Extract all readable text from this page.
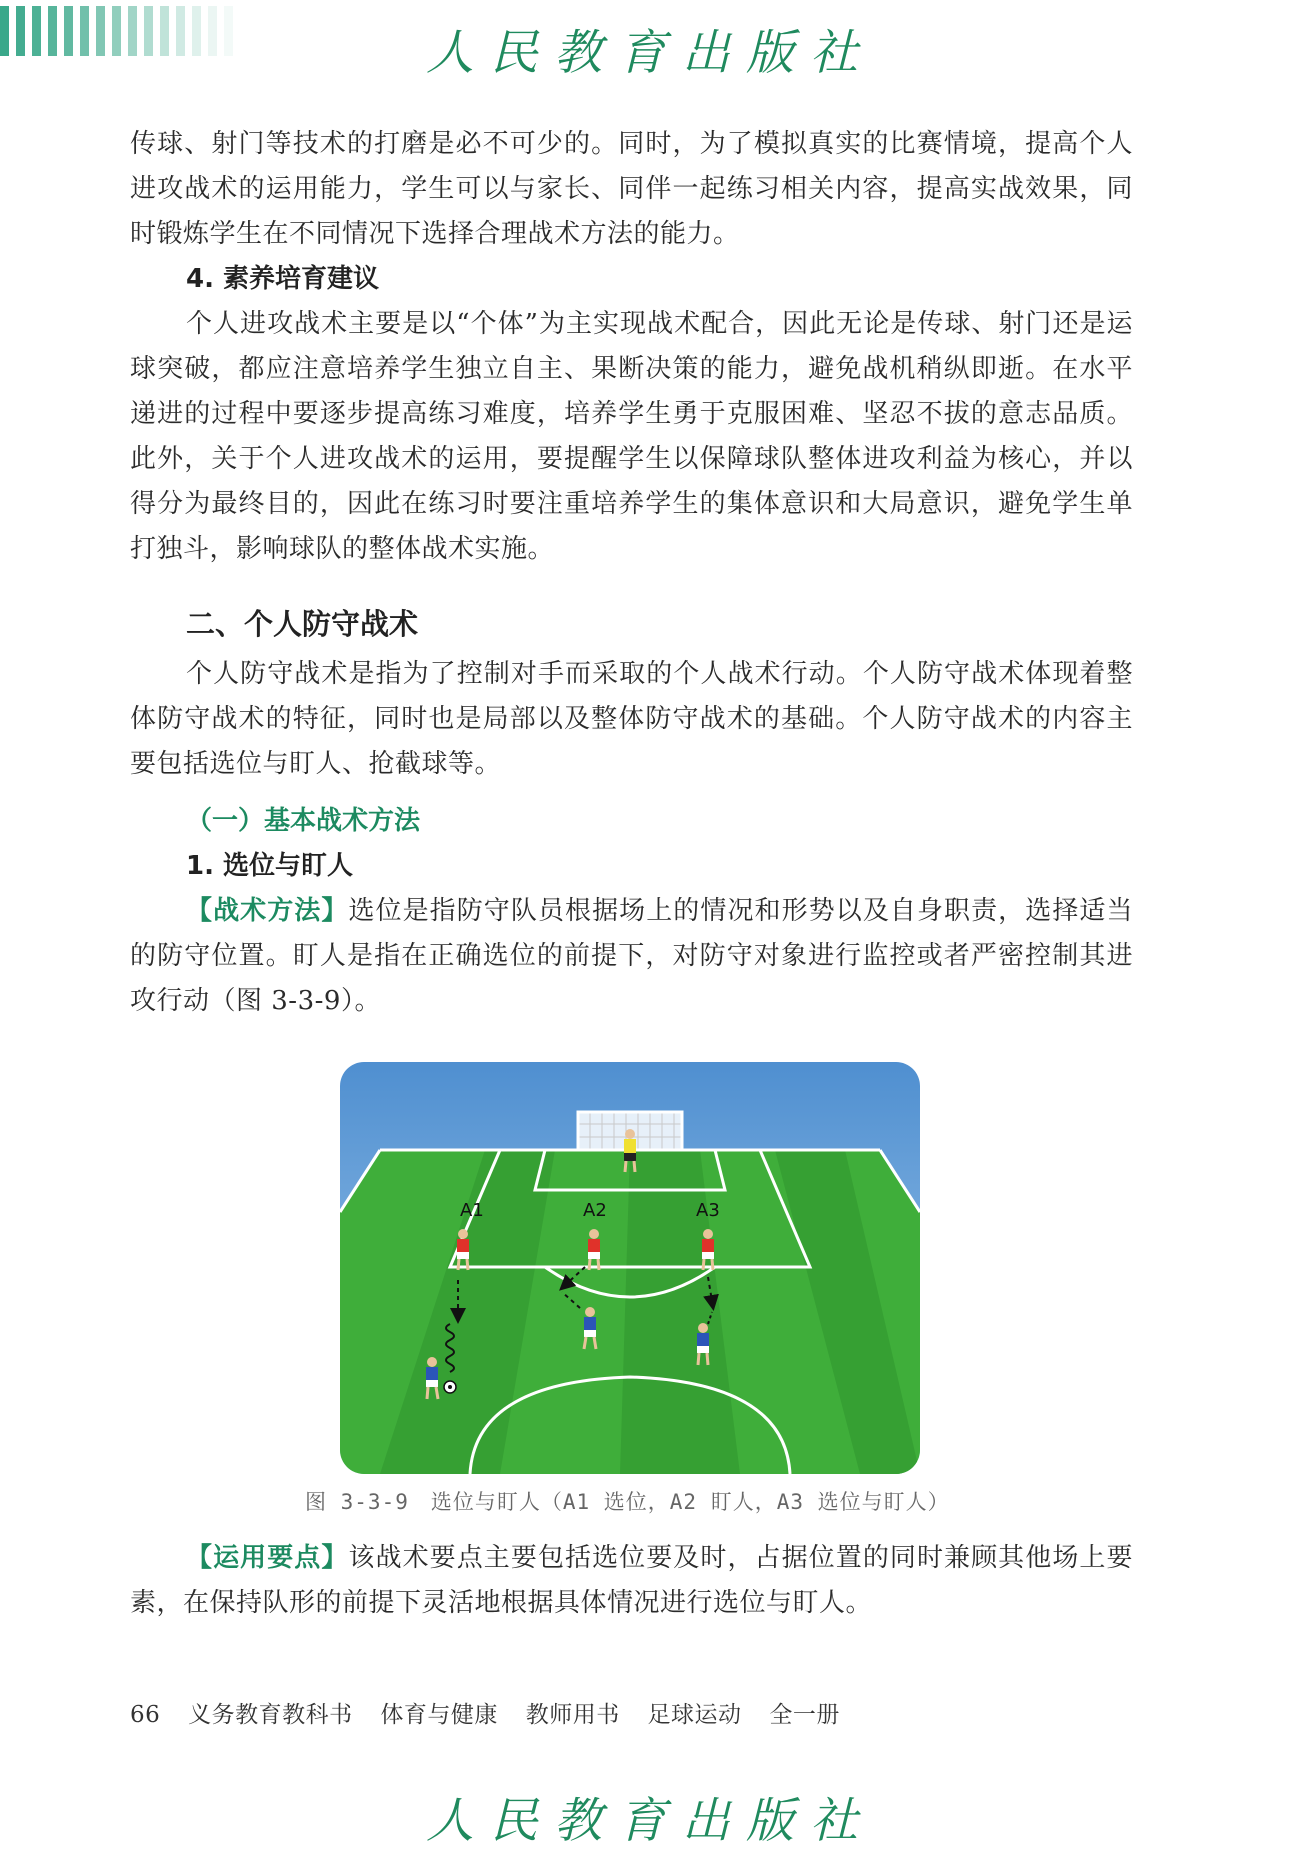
人民教育出版社

传球、射门等技术的打磨是必不可少的。同时，为了模拟真实的比赛情境，提高个人进攻战术的运用能力，学生可以与家长、同伴一起练习相关内容，提高实战效果，同时锻炼学生在不同情况下选择合理战术方法的能力。

4. 素养培育建议

个人进攻战术主要是以“个体”为主实现战术配合，因此无论是传球、射门还是运球突破，都应注意培养学生独立自主、果断决策的能力，避免战机稍纵即逝。在水平递进的过程中要逐步提高练习难度，培养学生勇于克服困难、坚忍不拔的意志品质。此外，关于个人进攻战术的运用，要提醒学生以保障球队整体进攻利益为核心，并以得分为最终目的，因此在练习时要注重培养学生的集体意识和大局意识，避免学生单打独斗，影响球队的整体战术实施。

二、个人防守战术

个人防守战术是指为了控制对手而采取的个人战术行动。个人防守战术体现着整体防守战术的特征，同时也是局部以及整体防守战术的基础。个人防守战术的内容主要包括选位与盯人、抢截球等。

（一）基本战术方法
1. 选位与盯人

【战术方法】选位是指防守队员根据场上的情况和形势以及自身职责，选择适当的防守位置。盯人是指在正确选位的前提下，对防守对象进行监控或者严密控制其进攻行动（图 3-3-9）。

A1	A2	A3
图 3-3-9　选位与盯人（A1 选位，A2 盯人，A3 选位与盯人）

【运用要点】该战术要点主要包括选位要及时，占据位置的同时兼顾其他场上要素，在保持队形的前提下灵活地根据具体情况进行选位与盯人。

66 义务教育教科书 体育与健康 教师用书 足球运动 全一册
人民教育出版社
